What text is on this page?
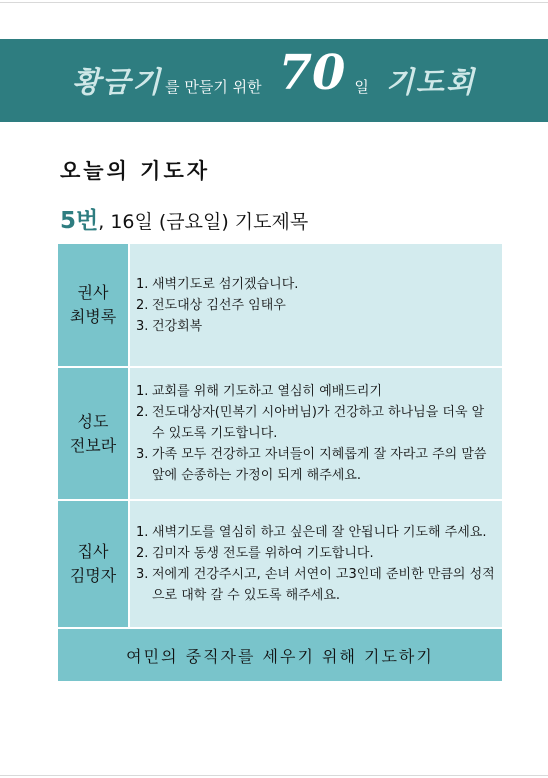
황금기 를 만들기 위한 70 일 기도회
오늘의 기도자
5번, 16일 (금요일) 기도제목
권사
최병록
1. 새벽기도로 섬기겠습니다.
2. 전도대상 김선주 임태우
3. 건강회복
성도
전보라
1. 교회를 위해 기도하고 열심히 예배드리기
2. 전도대상자(민복기 시아버님)가 건강하고 하나님을 더욱 알 수 있도록 기도합니다.
3. 가족 모두 건강하고 자녀들이 지혜롭게 잘 자라고 주의 말씀 앞에 순종하는 가정이 되게 해주세요.
집사
김명자
1. 새벽기도를 열심히 하고 싶은데 잘 안됩니다 기도해 주세요.
2. 김미자 동생 전도를 위하여 기도합니다.
3. 저에게 건강주시고, 손녀 서연이 고3인데 준비한 만큼의 성적으로 대학 갈 수 있도록 해주세요.
여민의 중직자를 세우기 위해 기도하기
